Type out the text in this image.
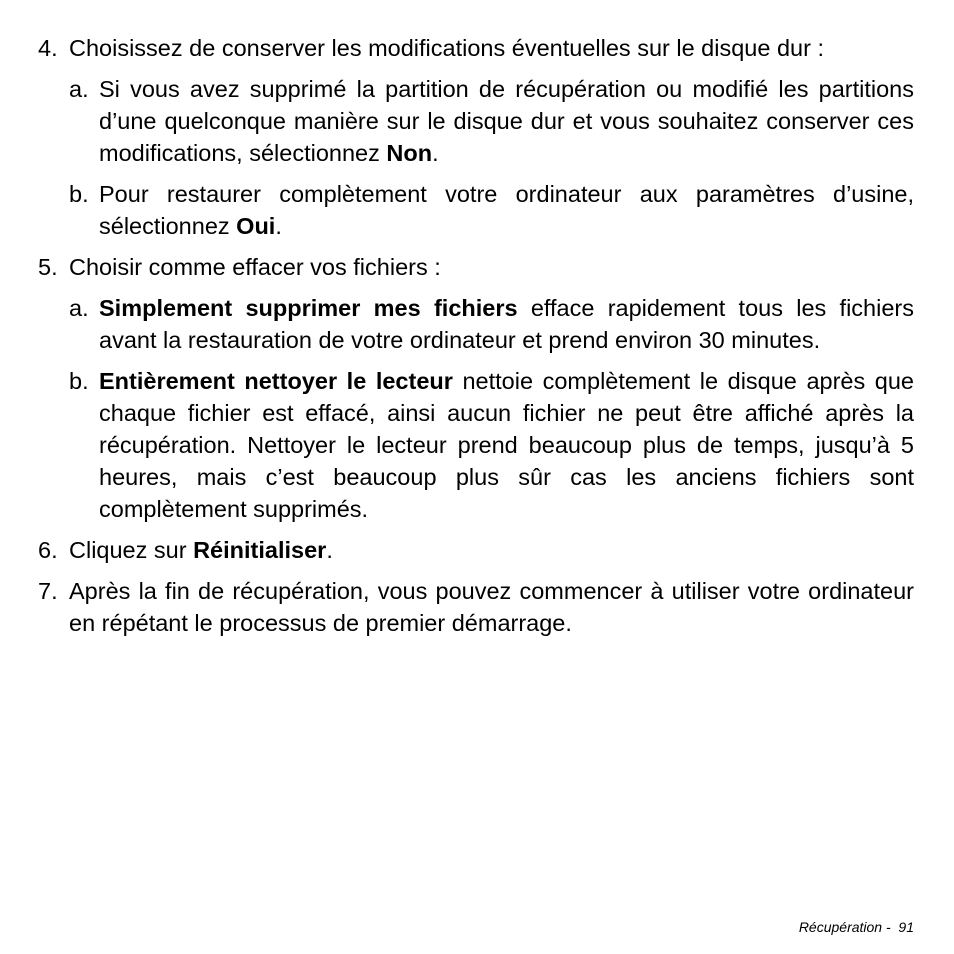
4. Choisissez de conserver les modifications éventuelles sur le disque dur :

a. Si vous avez supprimé la partition de récupération ou modifié les partitions d’une quelconque manière sur le disque dur et vous souhaitez conserver ces modifications, sélectionnez Non.

b. Pour restaurer complètement votre ordinateur aux paramètres d’usine, sélectionnez Oui.

5. Choisir comme effacer vos fichiers :

a. Simplement supprimer mes fichiers efface rapidement tous les fichiers avant la restauration de votre ordinateur et prend environ 30 minutes.

b. Entièrement nettoyer le lecteur nettoie complètement le disque après que chaque fichier est effacé, ainsi aucun fichier ne peut être affiché après la récupération. Nettoyer le lecteur prend beaucoup plus de temps, jusqu’à 5 heures, mais c’est beaucoup plus sûr cas les anciens fichiers sont complètement supprimés.

6. Cliquez sur Réinitialiser.

7. Après la fin de récupération, vous pouvez commencer à utiliser votre ordinateur en répétant le processus de premier démarrage.

Récupération - 91
